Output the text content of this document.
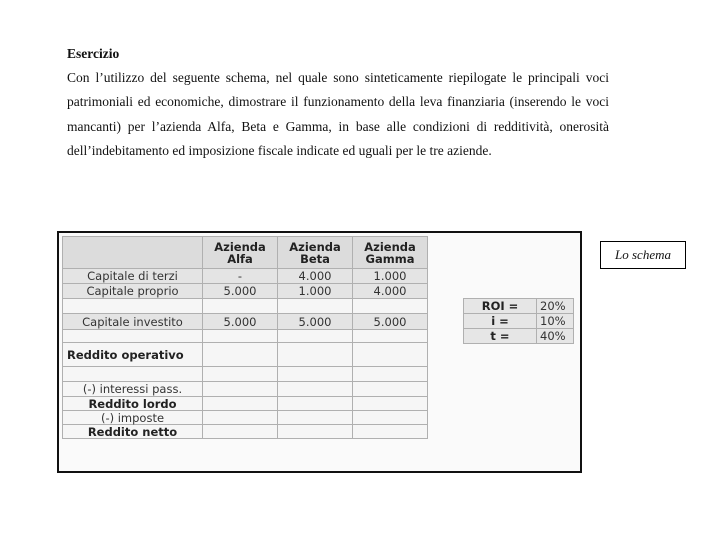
Esercizio
Con l’utilizzo del seguente schema, nel quale sono sinteticamente riepilogate le principali voci patrimoniali ed economiche, dimostrare il funzionamento della leva finanziaria (inserendo le voci mancanti) per l’azienda Alfa, Beta e Gamma, in base alle condizioni di redditività, onerosità dell’indebitamento ed imposizione fiscale indicate ed uguali per le tre aziende.
	Azienda Alfa	Azienda Beta	Azienda Gamma
Capitale di terzi	-	4.000	1.000
Capitale proprio	5.000	1.000	4.000

Capitale investito	5.000	5.000	5.000

Reddito operativo			

(-) interessi pass.			
Reddito lordo			
(-) imposte			
Reddito netto			
ROI =	20%
i =	10%
t =	40%
Lo schema
